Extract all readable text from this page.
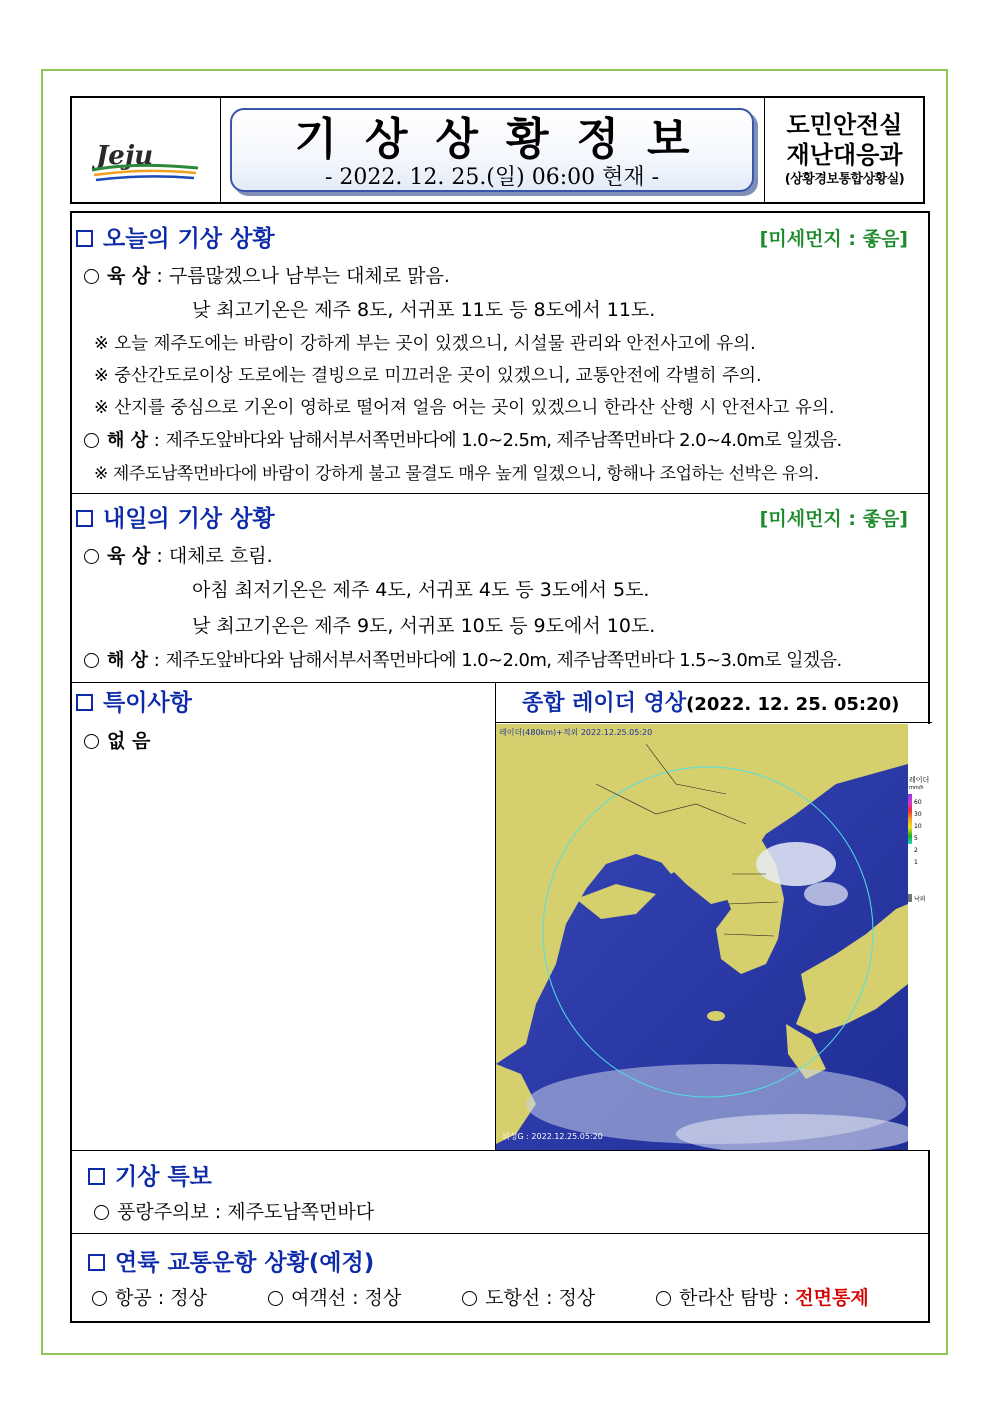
Jeju	기상상황정보
- 2022. 12. 25.(일) 06:00 현재 -
도민안전실
재난대응과
(상황경보통합상황실)
오늘의 기상 상황	[미세먼지 : 좋음]
육 상 : 구름많겠으나 남부는 대체로 맑음.
낮 최고기온은 제주 8도, 서귀포 11도 등 8도에서 11도.
※ 오늘 제주도에는 바람이 강하게 부는 곳이 있겠으니, 시설물 관리와 안전사고에 유의.
※ 중산간도로이상 도로에는 결빙으로 미끄러운 곳이 있겠으니, 교통안전에 각별히 주의.
※ 산지를 중심으로 기온이 영하로 떨어져 얼음 어는 곳이 있겠으니 한라산 산행 시 안전사고 유의.
해 상 : 제주도앞바다와 남해서부서쪽먼바다에 1.0~2.5m, 제주남쪽먼바다 2.0~4.0m로 일겠음.
※ 제주도남쪽먼바다에 바람이 강하게 불고 물결도 매우 높게 일겠으니, 항해나 조업하는 선박은 유의.
내일의 기상 상황	[미세먼지 : 좋음]
육 상 : 대체로 흐림.
아침 최저기온은 제주 4도, 서귀포 4도 등 3도에서 5도.
낮 최고기온은 제주 9도, 서귀포 10도 등 9도에서 10도.
해 상 : 제주도앞바다와 남해서부서쪽먼바다에 1.0~2.0m, 제주남쪽먼바다 1.5~3.0m로 일겠음.
특이사항
없 음
종합 레이더 영상(2022. 12. 25. 05:20)
레이더
mm/h
60
30
10
5
2
1
낙뢰
레이더(480km)+적외 2022.12.25.05:20
위성G : 2022.12.25.05:20
기상 특보
풍랑주의보 : 제주도남쪽먼바다
연륙 교통운항 상황(예정)
항공 : 정상	여객선 : 정상	도항선 : 정상	한라산 탐방 : 전면통제
